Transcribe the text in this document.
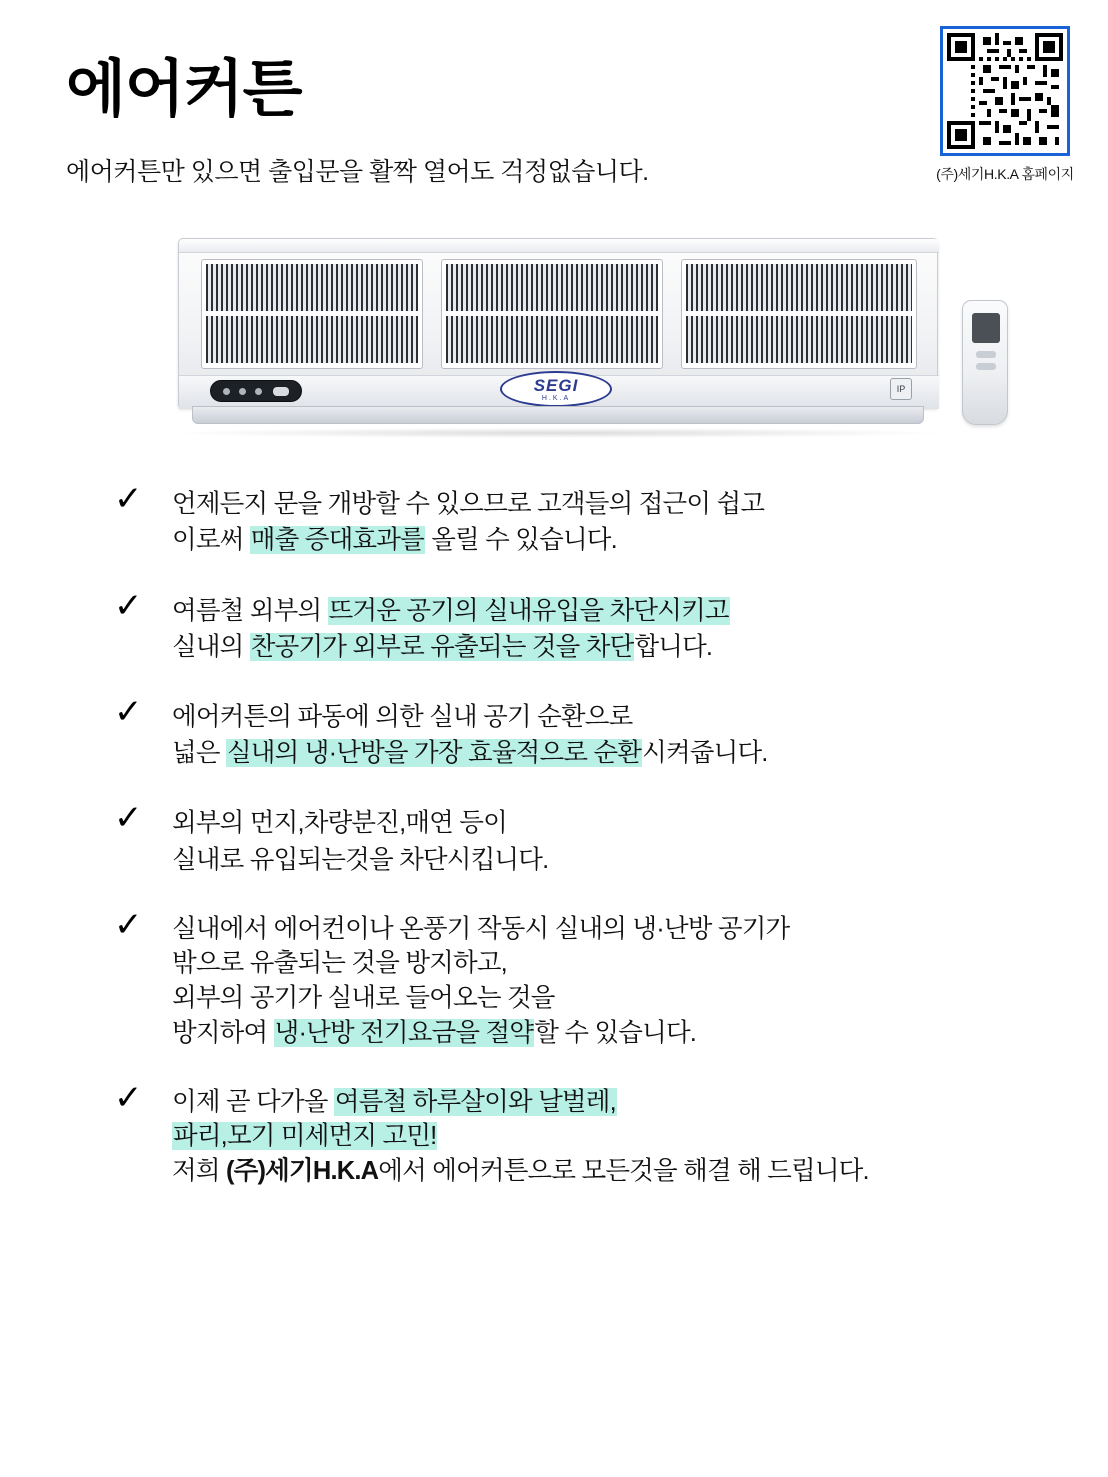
에어커튼
에어커튼만 있으면 출입문을 활짝 열어도 걱정없습니다.	(주)세기H.K.A 홈페이지
SEGI
H.K.A
IP
✓ 언제든지 문을 개방할 수 있으므로 고객들의 접근이 쉽고
이로써 매출 증대효과를 올릴 수 있습니다.
✓ 여름철 외부의 뜨거운 공기의 실내유입을 차단시키고
실내의 찬공기가 외부로 유출되는 것을 차단합니다.
✓ 에어커튼의 파동에 의한 실내 공기 순환으로
넓은 실내의 냉·난방을 가장 효율적으로 순환시켜줍니다.
✓ 외부의 먼지,차량분진,매연 등이
실내로 유입되는것을 차단시킵니다.
✓ 실내에서 에어컨이나 온풍기 작동시 실내의 냉·난방 공기가
밖으로 유출되는 것을 방지하고,
외부의 공기가 실내로 들어오는 것을
방지하여 냉·난방 전기요금을 절약할 수 있습니다.
✓ 이제 곧 다가올 여름철 하루살이와 날벌레,
파리,모기 미세먼지 고민!
저희 (주)세기H.K.A에서 에어커튼으로 모든것을 해결 해 드립니다.
